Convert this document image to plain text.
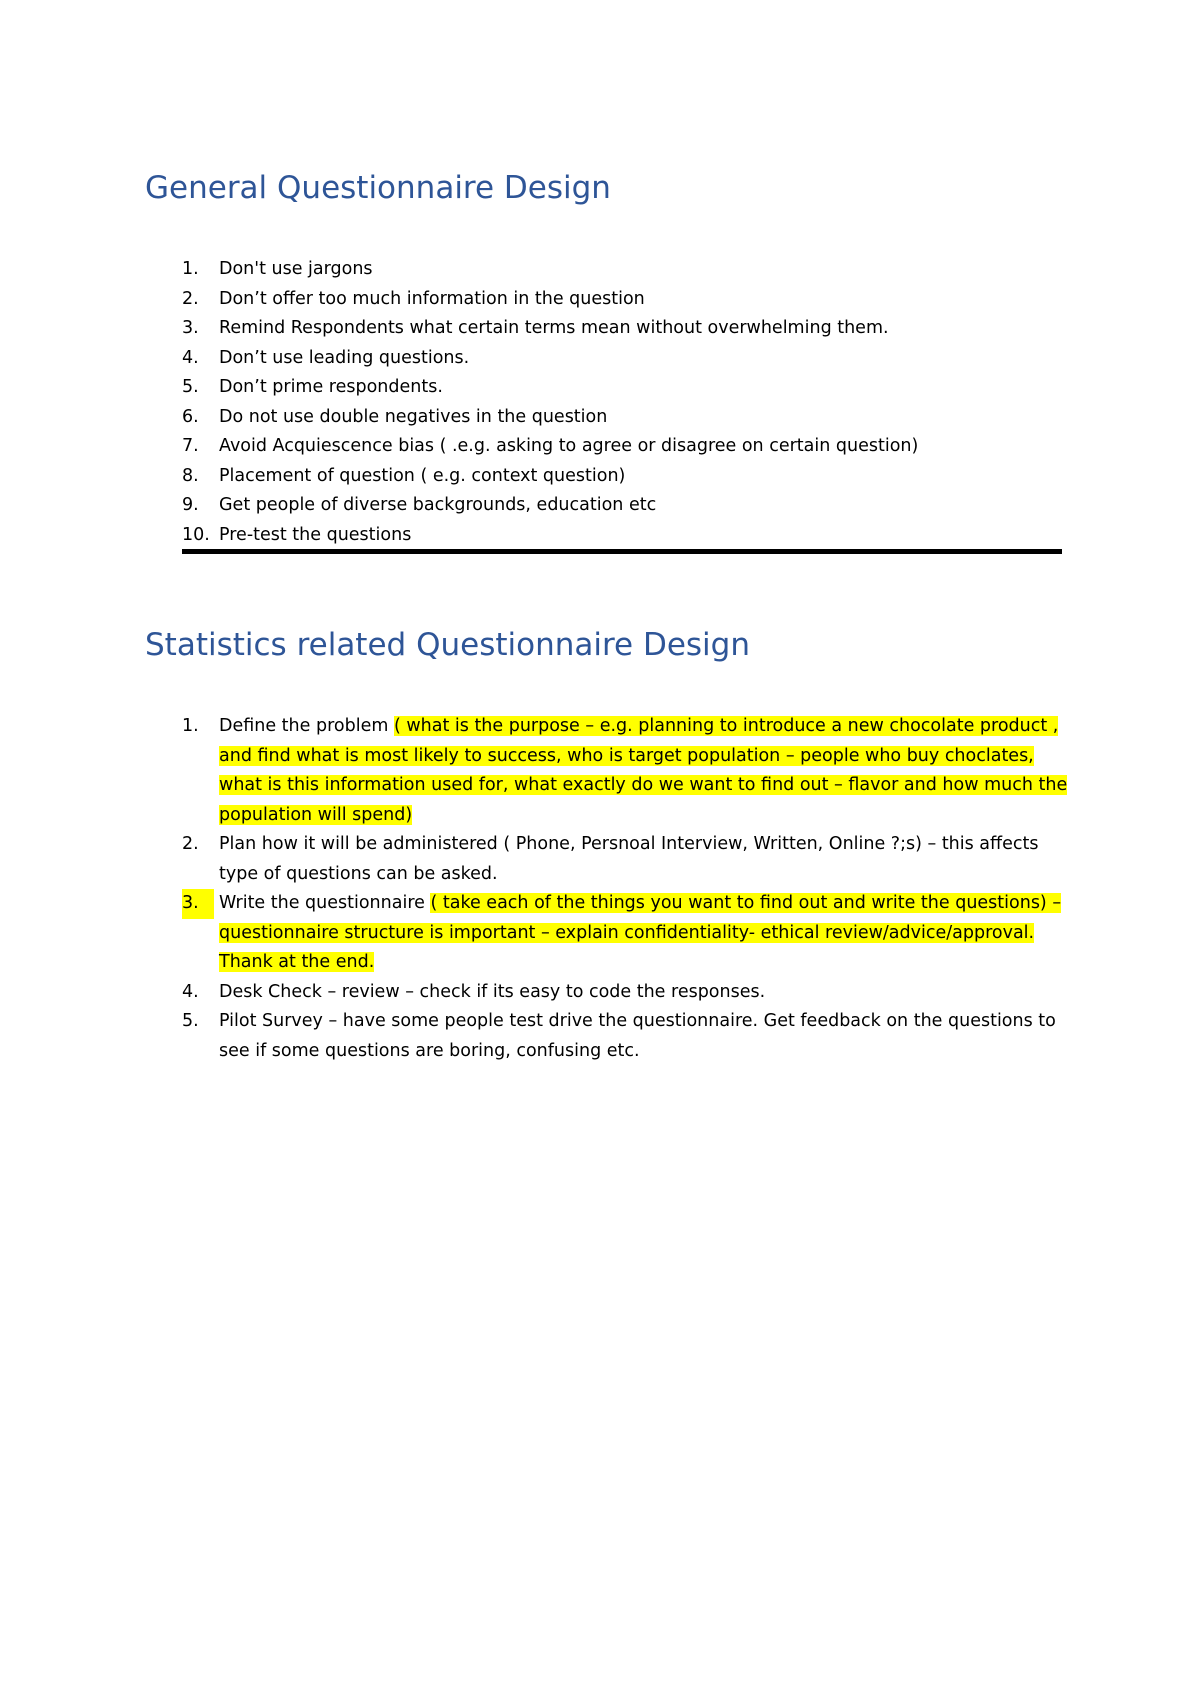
General Questionnaire Design
1.	Don't use jargons
2.	Don’t offer too much information in the question
3.	Remind Respondents what certain terms mean without overwhelming them.
4.	Don’t use leading questions.
5.	Don’t prime respondents.
6.	Do not use double negatives in the question
7.	Avoid Acquiescence bias ( .e.g. asking to agree or disagree on certain question)
8.	Placement of question ( e.g. context question)
9.	Get people of diverse backgrounds, education etc
10. Pre-test the questions
Statistics related Questionnaire Design
1.	Define the problem ( what is the purpose – e.g. planning to introduce a new chocolate product , and find what is most likely to success, who is target population – people who buy choclates, what is this information used for, what exactly do we want to find out – flavor and how much the population will spend)
2.	Plan how it will be administered ( Phone, Persnoal Interview, Written, Online ?;s) – this affects type of questions can be asked.
3.	Write the questionnaire ( take each of the things you want to find out and write the questions) – questionnaire structure is important – explain confidentiality- ethical review/advice/approval. Thank at the end.
4.	Desk Check – review – check if its easy to code the responses.
5.	Pilot Survey – have some people test drive the questionnaire. Get feedback on the questions to see if some questions are boring, confusing etc.
